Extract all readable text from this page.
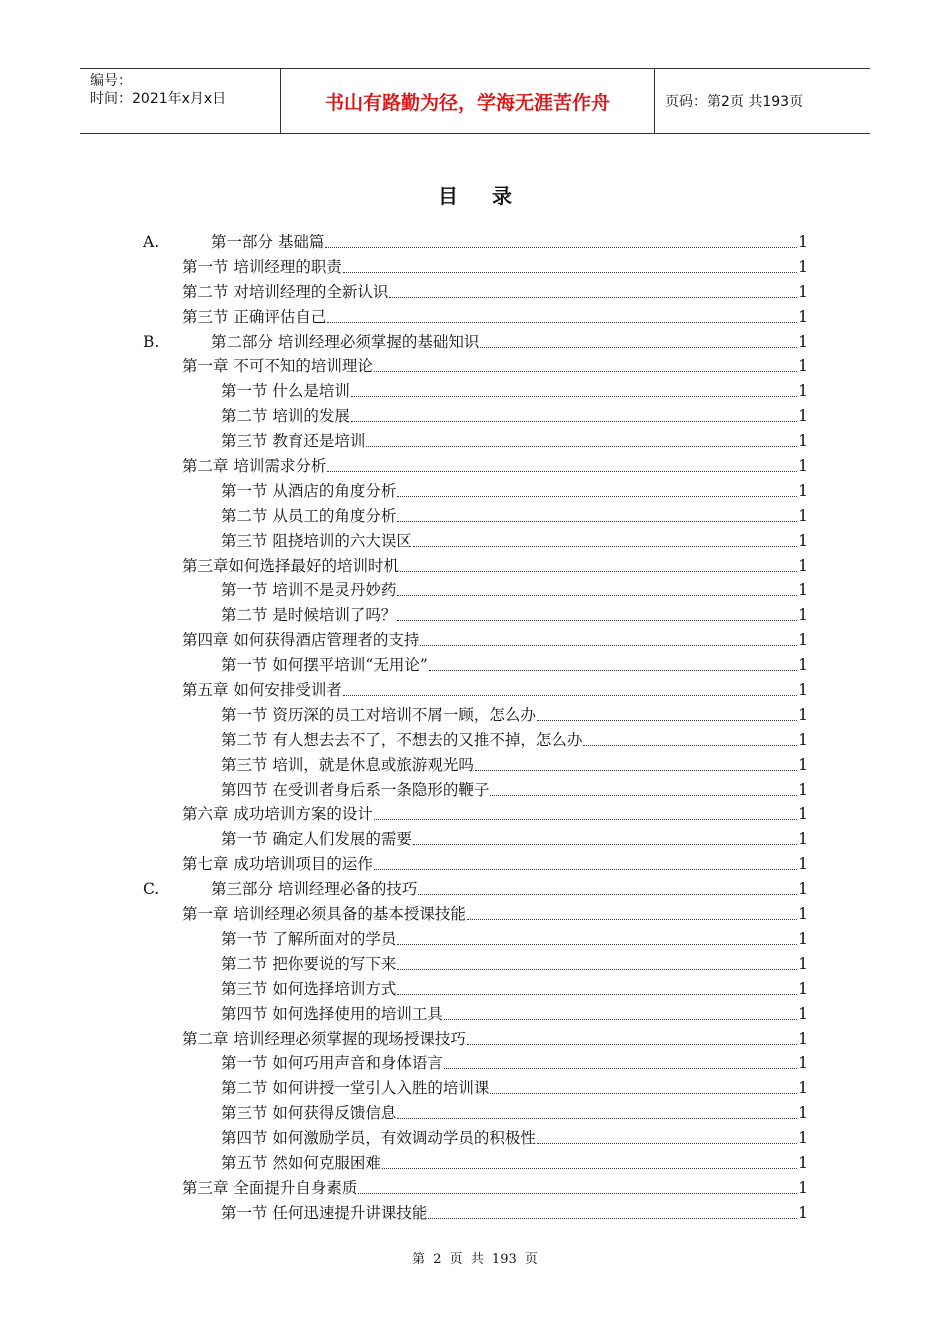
编号：
时间：2021年x月x日	书山有路勤为径，学海无涯苦作舟	页码：第2页 共193页
目录
A.	第一部分 基础篇	1
第一节 培训经理的职责	1
第二节 对培训经理的全新认识	1
第三节 正确评估自己	1
B.	第二部分 培训经理必须掌握的基础知识	1
第一章 不可不知的培训理论	1
第一节 什么是培训	1
第二节 培训的发展	1
第三节 教育还是培训	1
第二章 培训需求分析	1
第一节 从酒店的角度分析	1
第二节 从员工的角度分析	1
第三节 阻挠培训的六大误区	1
第三章如何选择最好的培训时机	1
第一节 培训不是灵丹妙药	1
第二节 是时候培训了吗？	1
第四章 如何获得酒店管理者的支持	1
第一节 如何摆平培训“无用论”	1
第五章 如何安排受训者	1
第一节 资历深的员工对培训不屑一顾，怎么办	1
第二节 有人想去去不了，不想去的又推不掉，怎么办	1
第三节 培训，就是休息或旅游观光吗	1
第四节 在受训者身后系一条隐形的鞭子	1
第六章 成功培训方案的设计	1
第一节 确定人们发展的需要	1
第七章 成功培训项目的运作	1
C.	第三部分 培训经理必备的技巧	1
第一章 培训经理必须具备的基本授课技能	1
第一节 了解所面对的学员	1
第二节 把你要说的写下来	1
第三节 如何选择培训方式	1
第四节 如何选择使用的培训工具	1
第二章 培训经理必须掌握的现场授课技巧	1
第一节 如何巧用声音和身体语言	1
第二节 如何讲授一堂引人入胜的培训课	1
第三节 如何获得反馈信息	1
第四节 如何激励学员，有效调动学员的积极性	1
第五节 然如何克服困难	1
第三章 全面提升自身素质	1
第一节 任何迅速提升讲课技能	1
第 2 页 共 193 页
